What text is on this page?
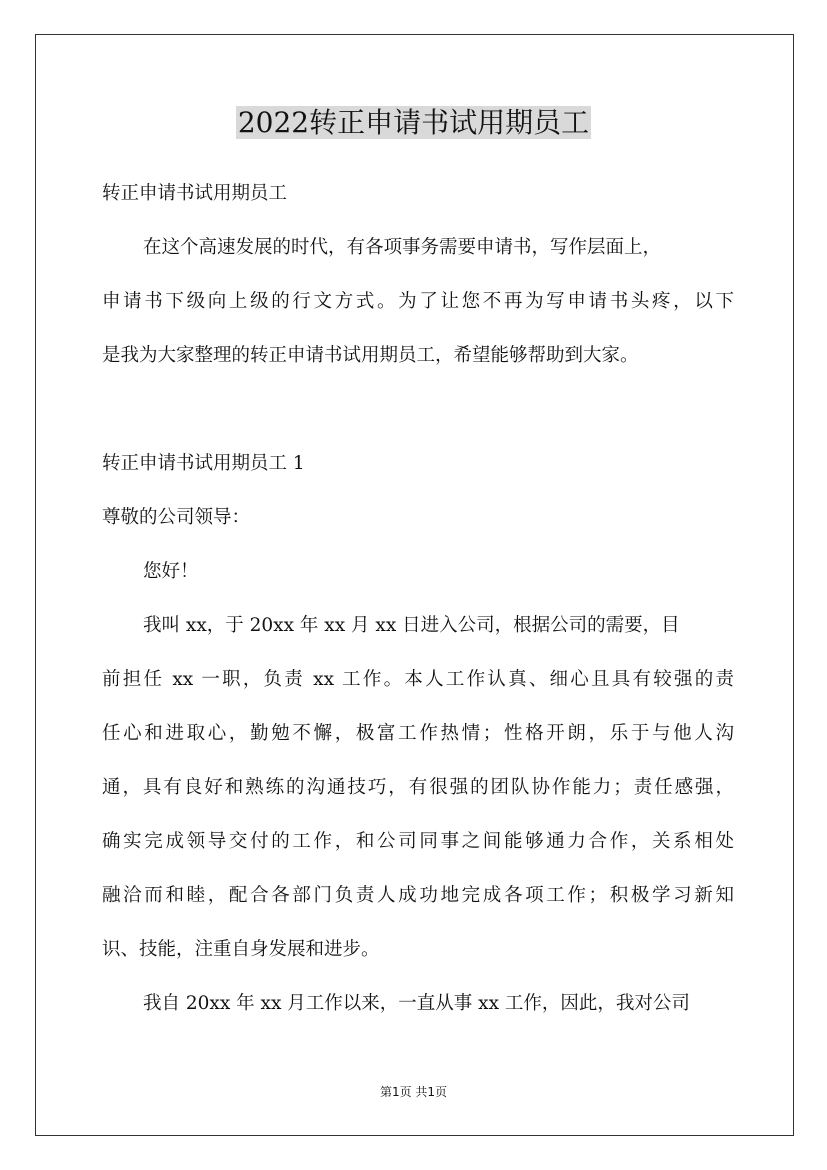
2022转正申请书试用期员工
转正申请书试用期员工
在这个高速发展的时代，有各项事务需要申请书，写作层面上，
申请书下级向上级的行文方式。为了让您不再为写申请书头疼，以下
是我为大家整理的转正申请书试用期员工，希望能够帮助到大家。
转正申请书试用期员工 1
尊敬的公司领导：
您好！
我叫 xx，于 20xx 年 xx 月 xx 日进入公司，根据公司的需要，目
前担任 xx 一职，负责 xx 工作。本人工作认真、细心且具有较强的责
任心和进取心，勤勉不懈，极富工作热情；性格开朗，乐于与他人沟
通，具有良好和熟练的沟通技巧，有很强的团队协作能力；责任感强，
确实完成领导交付的工作，和公司同事之间能够通力合作，关系相处
融洽而和睦，配合各部门负责人成功地完成各项工作；积极学习新知
识、技能，注重自身发展和进步。
我自 20xx 年 xx 月工作以来，一直从事 xx 工作，因此，我对公司
第1页 共1页
